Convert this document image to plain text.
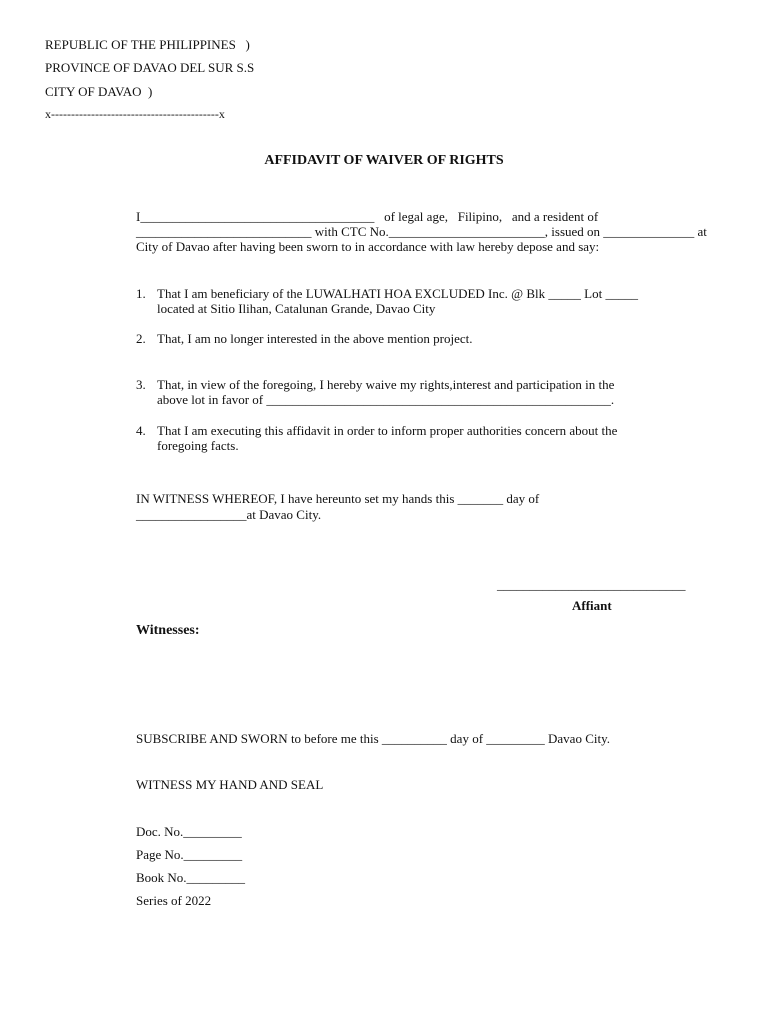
REPUBLIC OF THE PHILIPPINES   )
PROVINCE OF DAVAO DEL SUR S.S
CITY OF DAVAO  )
x------------------------------------------x
AFFIDAVIT OF WAIVER OF RIGHTS
I____________________________________   of legal age,   Filipino,   and a resident of
___________________________ with CTC No.________________________, issued on ______________ at
City of Davao after having been sworn to in accordance with law hereby depose and say:
1. That I am beneficiary of the LUWALHATI HOA EXCLUDED Inc. @ Blk _____ Lot _____
located at Sitio Ilihan, Catalunan Grande, Davao City
2. That, I am no longer interested in the above mention project.
3. That, in view of the foregoing, I hereby waive my rights,interest and participation in the
above lot in favor of _____________________________________________________.
4. That I am executing this affidavit in order to inform proper authorities concern about the
foregoing facts.
IN WITNESS WHEREOF, I have hereunto set my hands this _______ day of
_________________at Davao City.
_____________________________
Affiant
Witnesses:
SUBSCRIBE AND SWORN to before me this __________ day of _________ Davao City.
WITNESS MY HAND AND SEAL
Doc. No._________
Page No._________
Book No._________
Series of 2022
